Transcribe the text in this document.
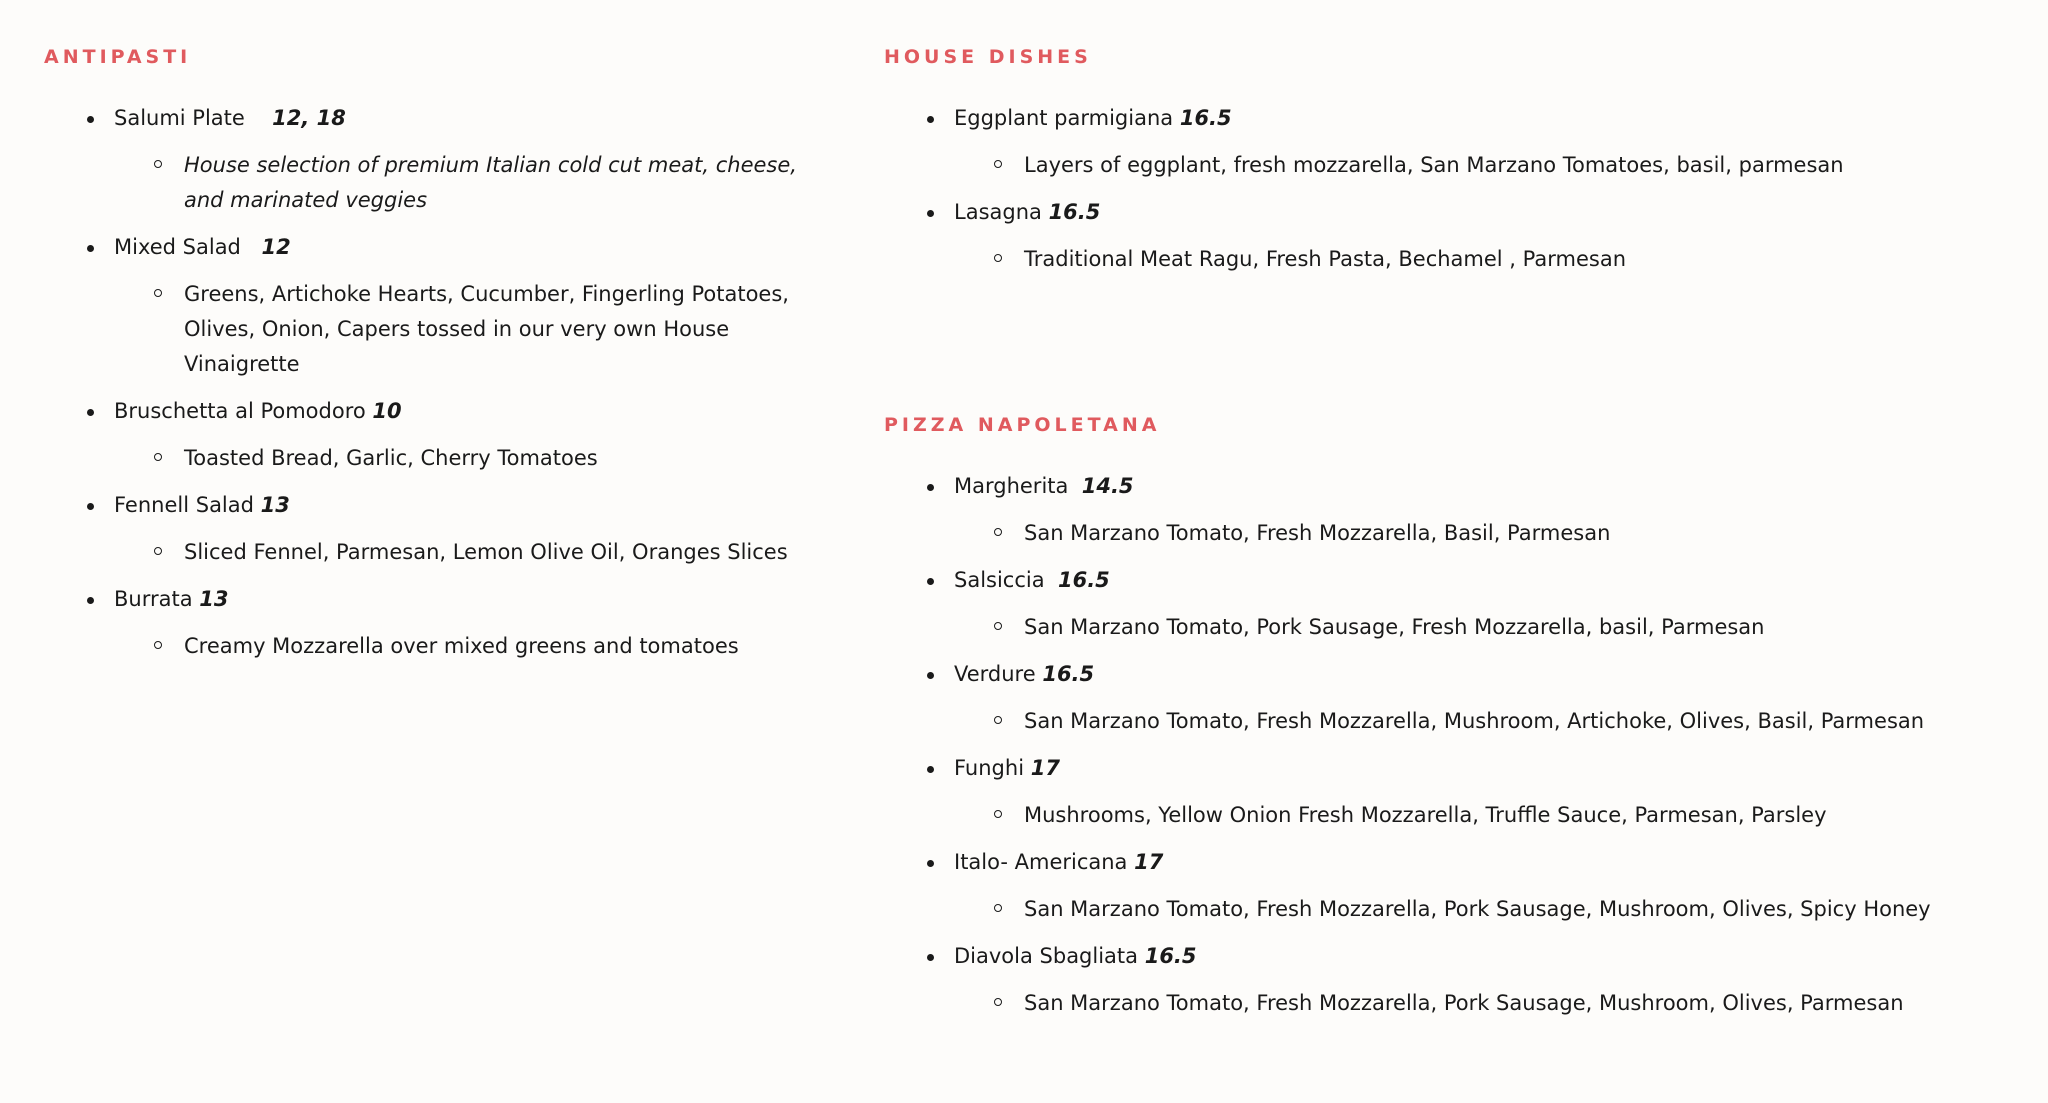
ANTIPASTI
Salumi Plate    12, 18
House selection of premium Italian cold cut meat, cheese, and marinated veggies
Mixed Salad   12
Greens, Artichoke Hearts, Cucumber, Fingerling Potatoes, Olives, Onion, Capers tossed in our very own House Vinaigrette
Bruschetta al Pomodoro 10
Toasted Bread, Garlic, Cherry Tomatoes
Fennell Salad 13
Sliced Fennel, Parmesan, Lemon Olive Oil, Oranges Slices
Burrata 13
Creamy Mozzarella over mixed greens and tomatoes
HOUSE DISHES
Eggplant parmigiana 16.5
Layers of eggplant, fresh mozzarella, San Marzano Tomatoes, basil, parmesan
Lasagna 16.5
Traditional Meat Ragu, Fresh Pasta, Bechamel , Parmesan
PIZZA NAPOLETANA
Margherita  14.5
San Marzano Tomato, Fresh Mozzarella, Basil, Parmesan
Salsiccia  16.5
San Marzano Tomato, Pork Sausage, Fresh Mozzarella, basil, Parmesan
Verdure 16.5
San Marzano Tomato, Fresh Mozzarella, Mushroom, Artichoke, Olives, Basil, Parmesan
Funghi 17
Mushrooms, Yellow Onion Fresh Mozzarella, Truffle Sauce, Parmesan, Parsley
Italo- Americana 17
San Marzano Tomato, Fresh Mozzarella, Pork Sausage, Mushroom, Olives, Spicy Honey
Diavola Sbagliata 16.5
San Marzano Tomato, Fresh Mozzarella, Pork Sausage, Mushroom, Olives, Parmesan
